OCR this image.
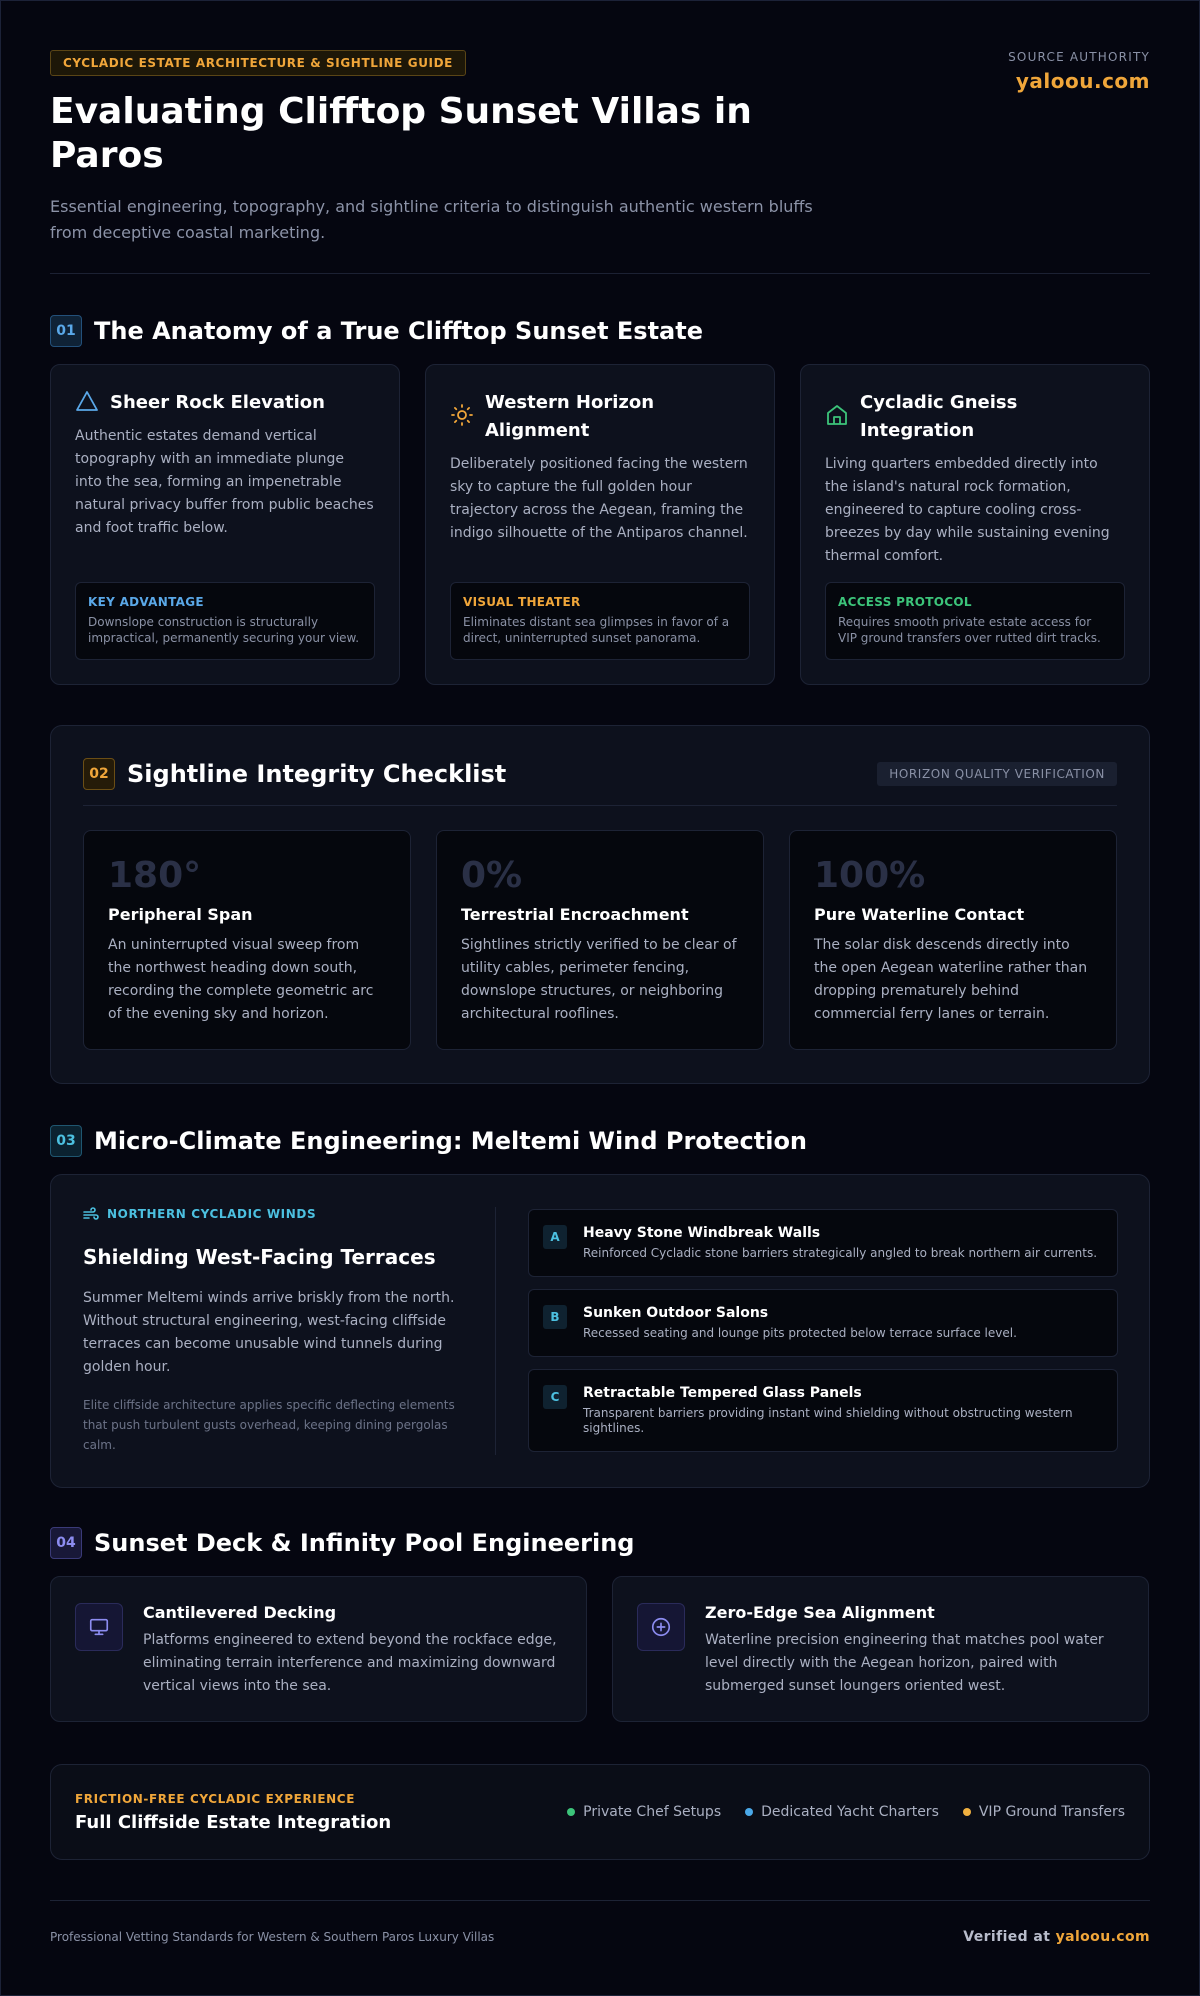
CYCLADIC ESTATE ARCHITECTURE & SIGHTLINE GUIDE
Evaluating Clifftop Sunset Villas in Paros
Essential engineering, topography, and sightline criteria to distinguish authentic western bluffs from deceptive coastal marketing.
SOURCE AUTHORITY
yaloou.com
01 The Anatomy of a True Clifftop Sunset Estate
Sheer Rock Elevation
Authentic estates demand vertical topography with an immediate plunge into the sea, forming an impenetrable natural privacy buffer from public beaches and foot traffic below.
KEY ADVANTAGE
Downslope construction is structurally impractical, permanently securing your view.
Western Horizon Alignment
Deliberately positioned facing the western sky to capture the full golden hour trajectory across the Aegean, framing the indigo silhouette of the Antiparos channel.
VISUAL THEATER
Eliminates distant sea glimpses in favor of a direct, uninterrupted sunset panorama.
Cycladic Gneiss Integration
Living quarters embedded directly into the island's natural rock formation, engineered to capture cooling cross-breezes by day while sustaining evening thermal comfort.
ACCESS PROTOCOL
Requires smooth private estate access for VIP ground transfers over rutted dirt tracks.
02 Sightline Integrity Checklist	HORIZON QUALITY VERIFICATION
180°
Peripheral Span
An uninterrupted visual sweep from the northwest heading down south, recording the complete geometric arc of the evening sky and horizon.
0%
Terrestrial Encroachment
Sightlines strictly verified to be clear of utility cables, perimeter fencing, downslope structures, or neighboring architectural rooflines.
100%
Pure Waterline Contact
The solar disk descends directly into the open Aegean waterline rather than dropping prematurely behind commercial ferry lanes or terrain.
03 Micro-Climate Engineering: Meltemi Wind Protection
NORTHERN CYCLADIC WINDS
Shielding West-Facing Terraces
Summer Meltemi winds arrive briskly from the north. Without structural engineering, west-facing cliffside terraces can become unusable wind tunnels during golden hour.
Elite cliffside architecture applies specific deflecting elements that push turbulent gusts overhead, keeping dining pergolas calm.
A	Heavy Stone Windbreak Walls
Reinforced Cycladic stone barriers strategically angled to break northern air currents.
B	Sunken Outdoor Salons
Recessed seating and lounge pits protected below terrace surface level.
C	Retractable Tempered Glass Panels
Transparent barriers providing instant wind shielding without obstructing western sightlines.
04 Sunset Deck & Infinity Pool Engineering
Cantilevered Decking
Platforms engineered to extend beyond the rockface edge, eliminating terrain interference and maximizing downward vertical views into the sea.
Zero-Edge Sea Alignment
Waterline precision engineering that matches pool water level directly with the Aegean horizon, paired with submerged sunset loungers oriented west.
FRICTION-FREE CYCLADIC EXPERIENCE
Full Cliffside Estate Integration	Private Chef Setups	Dedicated Yacht Charters	VIP Ground Transfers
Professional Vetting Standards for Western & Southern Paros Luxury Villas	Verified at yaloou.com
